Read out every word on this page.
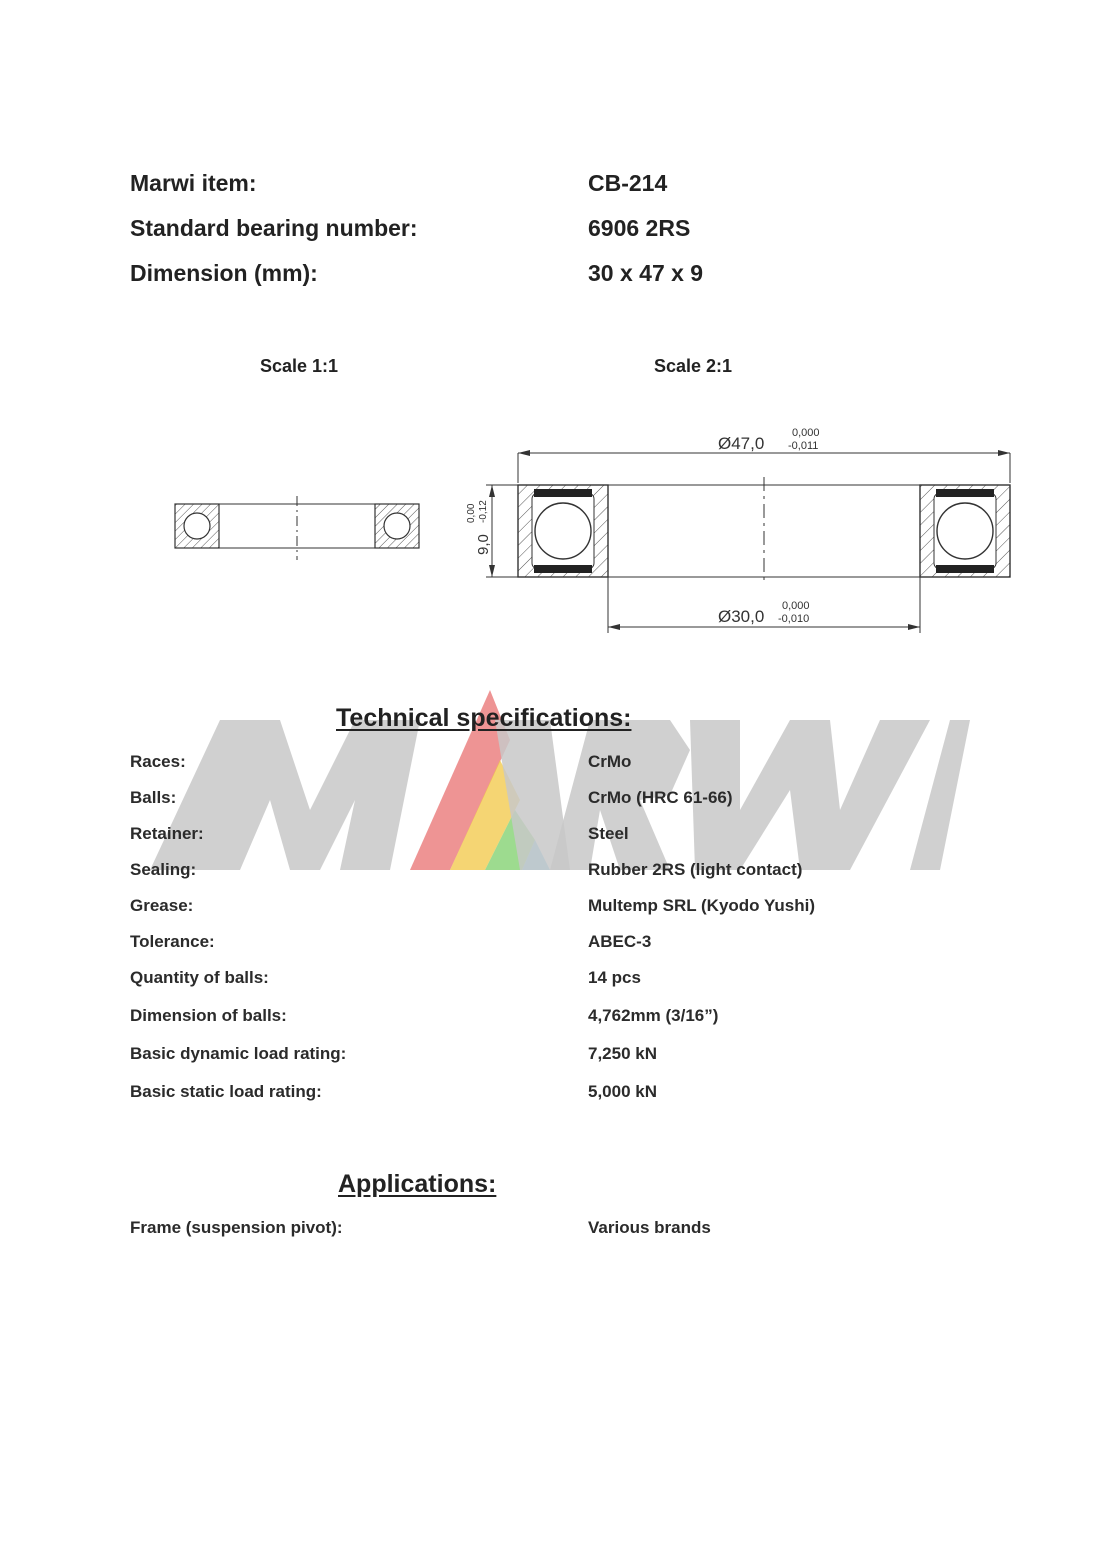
Marwi item:	CB-214
Standard bearing number:	6906 2RS
Dimension (mm):	30 x 47 x 9
Scale 1:1	Scale 2:1
Ø47,0
0,000
-0,011
9,0
0,00 -0,12
Ø30,0
0,000
-0,010
Technical specifications:
Races:	CrMo
Balls:	CrMo (HRC 61-66)
Retainer:	Steel
Sealing:	Rubber 2RS (light contact)
Grease:	Multemp SRL (Kyodo Yushi)
Tolerance:	ABEC-3
Quantity of balls:	14 pcs
Dimension of balls:	4,762mm (3/16”)
Basic dynamic load rating:	7,250 kN
Basic static load rating:	5,000 kN
Applications:
Frame (suspension pivot):	Various brands
